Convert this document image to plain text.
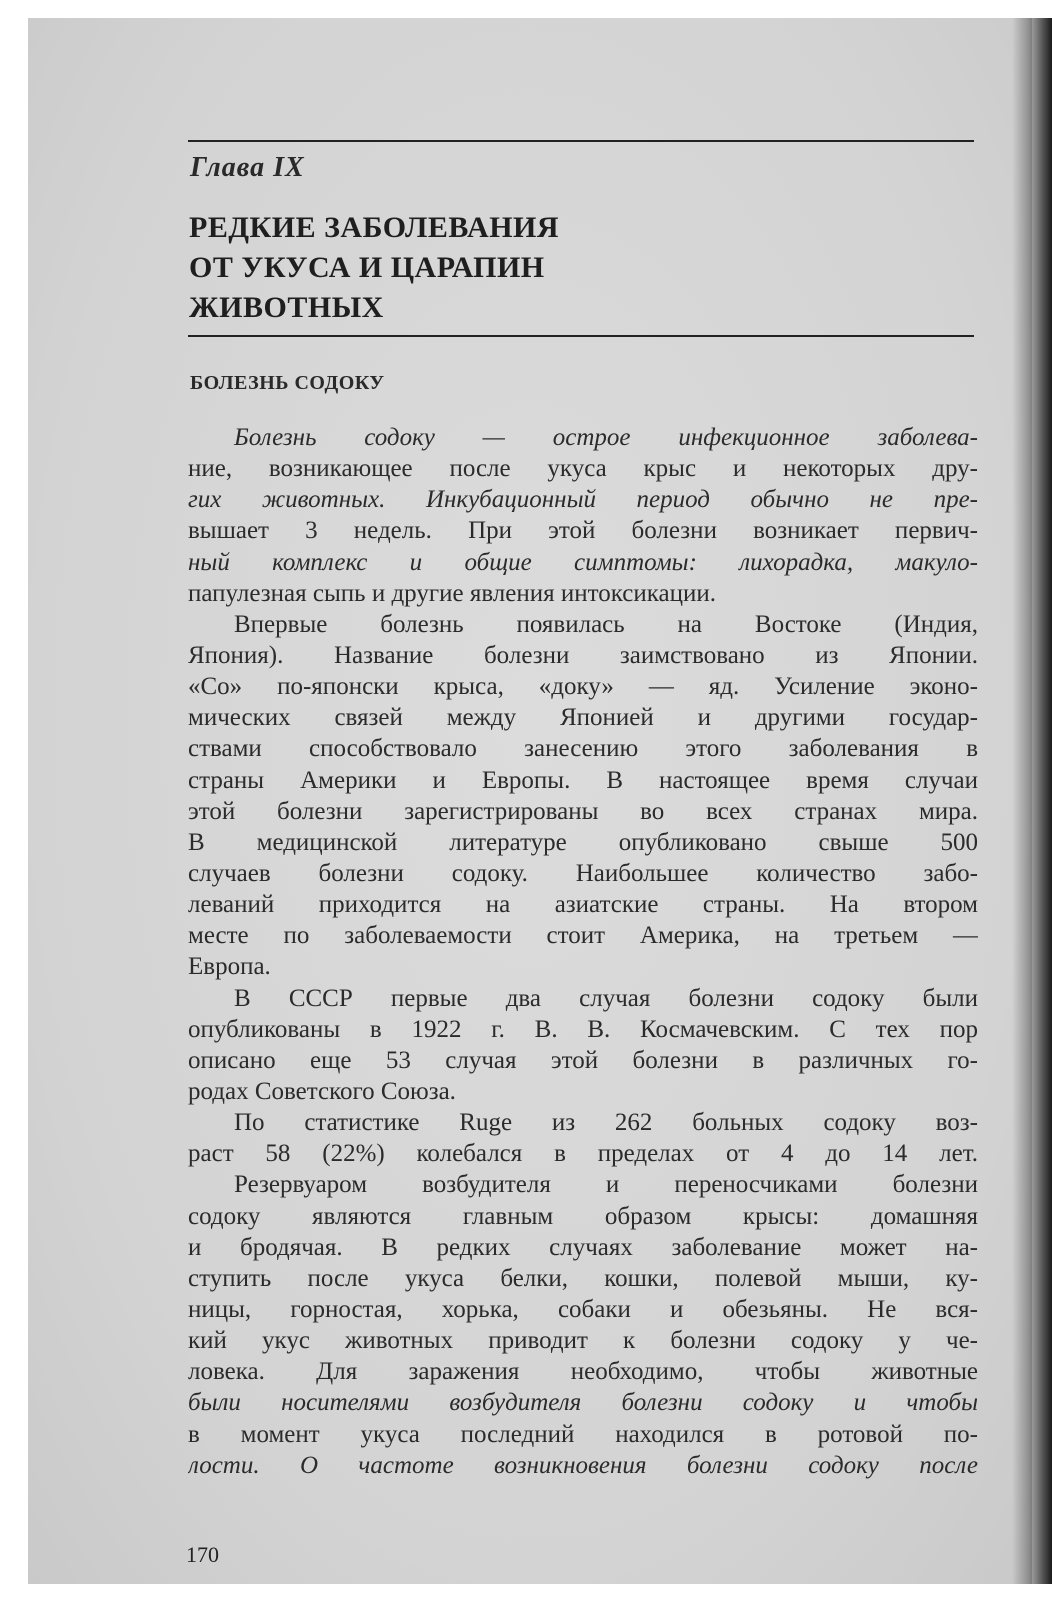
Глава IX
РЕДКИЕ ЗАБОЛЕВАНИЯ
ОТ УКУСА И ЦАРАПИН
ЖИВОТНЫХ
БОЛЕЗНЬ СОДОКУ
Болезнь содоку — острое инфекционное заболева-
ние, возникающее после укуса крыс и некоторых дру-
гих животных. Инкубационный период обычно не пре-
вышает 3 недель. При этой болезни возникает первич-
ный комплекс и общие симптомы: лихорадка, макуло-
папулезная сыпь и другие явления интоксикации.
Впервые болезнь появилась на Востоке (Индия,
Япония). Название болезни заимствовано из Японии.
«Со» по-японски крыса, «доку» — яд. Усиление эконо-
мических связей между Японией и другими государ-
ствами способствовало занесению этого заболевания в
страны Америки и Европы. В настоящее время случаи
этой болезни зарегистрированы во всех странах мира.
В медицинской литературе опубликовано свыше 500
случаев болезни содоку. Наибольшее количество забо-
леваний приходится на азиатские страны. На втором
месте по заболеваемости стоит Америка, на третьем —
Европа.
В СССР первые два случая болезни содоку были
опубликованы в 1922 г. В. В. Космачевским. С тех пор
описано еще 53 случая этой болезни в различных го-
родах Советского Союза.
По статистике Ruge из 262 больных содоку воз-
раст 58 (22%) колебался в пределах от 4 до 14 лет.
Резервуаром возбудителя и переносчиками болезни
содоку являются главным образом крысы: домашняя
и бродячая. В редких случаях заболевание может на-
ступить после укуса белки, кошки, полевой мыши, ку-
ницы, горностая, хорька, собаки и обезьяны. Не вся-
кий укус животных приводит к болезни содоку у че-
ловека. Для заражения необходимо, чтобы животные
были носителями возбудителя болезни содоку и чтобы
в момент укуса последний находился в ротовой по-
лости. О частоте возникновения болезни содоку после
170
